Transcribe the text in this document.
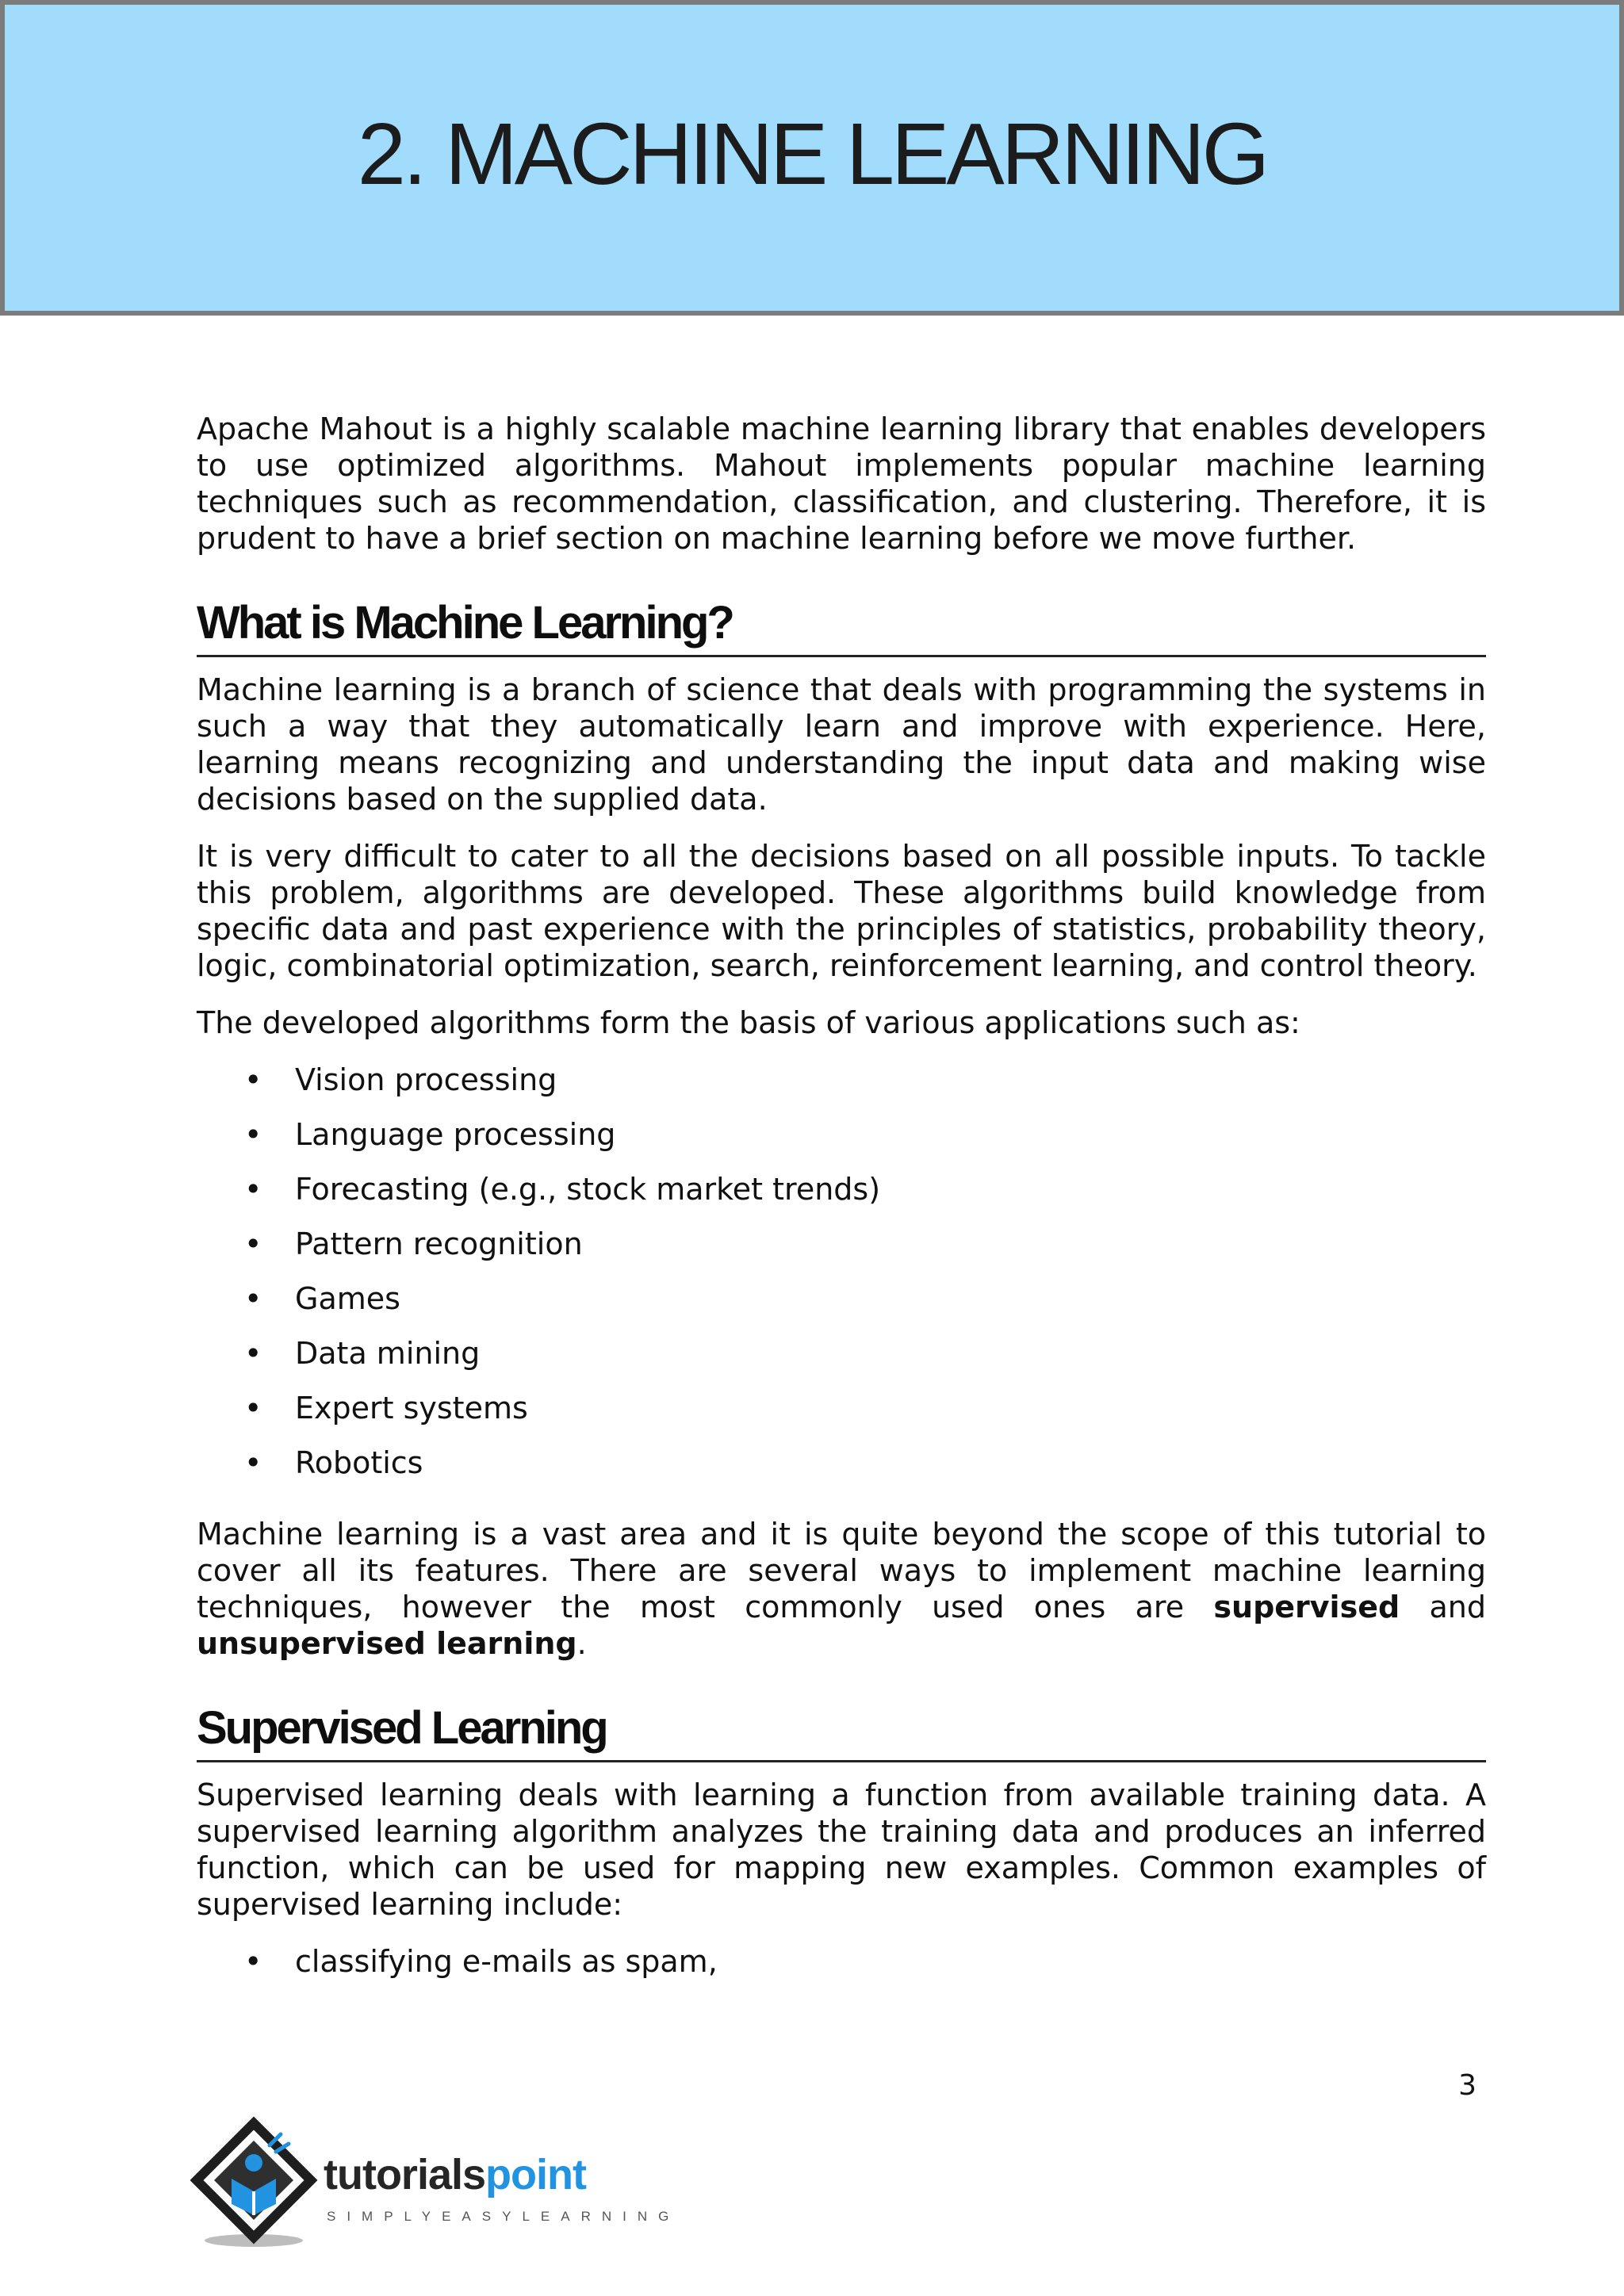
2. MACHINE LEARNING

Apache Mahout is a highly scalable machine learning library that enables developers to use optimized algorithms. Mahout implements popular machine learning techniques such as recommendation, classification, and clustering. Therefore, it is prudent to have a brief section on machine learning before we move further.

What is Machine Learning?

Machine learning is a branch of science that deals with programming the systems in such a way that they automatically learn and improve with experience. Here, learning means recognizing and understanding the input data and making wise decisions based on the supplied data.

It is very difficult to cater to all the decisions based on all possible inputs. To tackle this problem, algorithms are developed. These algorithms build knowledge from specific data and past experience with the principles of statistics, probability theory, logic, combinatorial optimization, search, reinforcement learning, and control theory.

The developed algorithms form the basis of various applications such as:

• Vision processing
• Language processing
• Forecasting (e.g., stock market trends)
• Pattern recognition
• Games
• Data mining
• Expert systems
• Robotics

Machine learning is a vast area and it is quite beyond the scope of this tutorial to cover all its features. There are several ways to implement machine learning techniques, however the most commonly used ones are supervised and unsupervised learning.

Supervised Learning

Supervised learning deals with learning a function from available training data. A supervised learning algorithm analyzes the training data and produces an inferred function, which can be used for mapping new examples. Common examples of supervised learning include:

• classifying e-mails as spam,
3
tutorialspoint
SIMPLYEASYLEARNING
